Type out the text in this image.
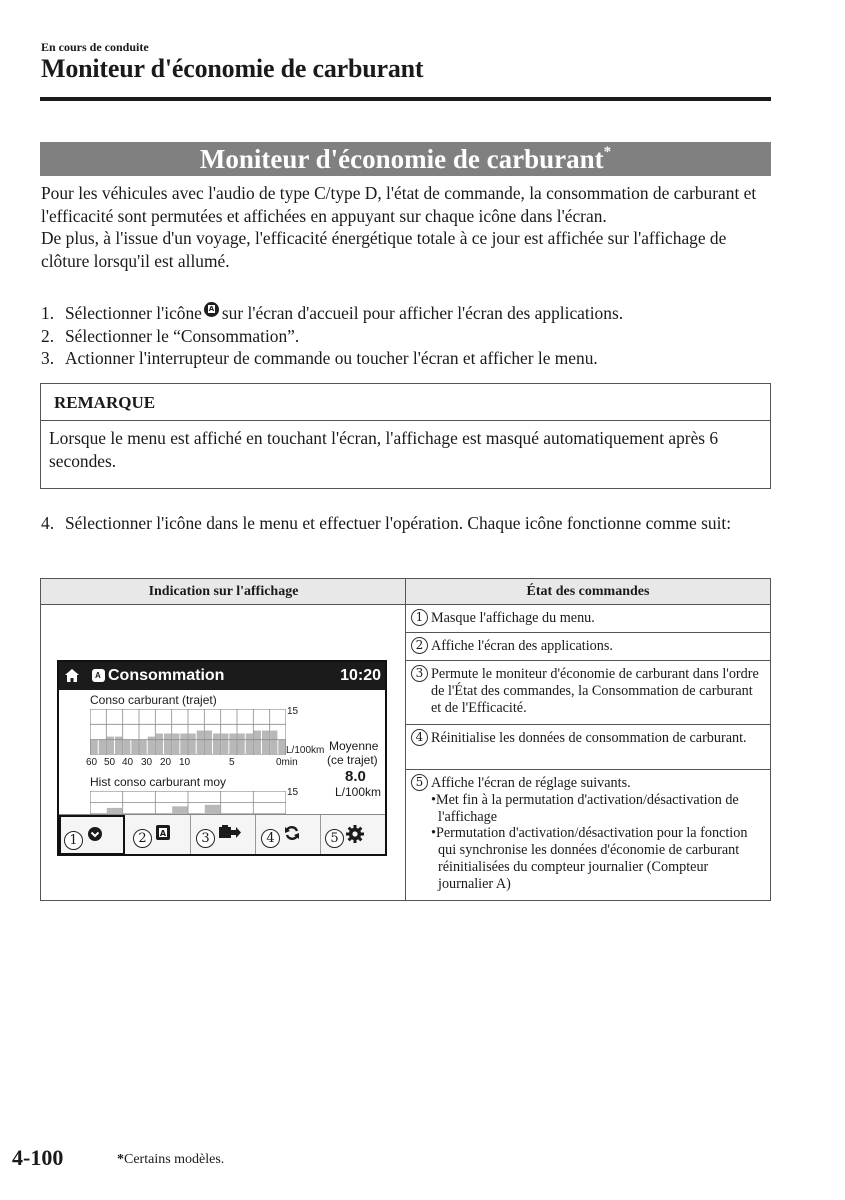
En cours de conduite
Moniteur d'économie de carburant
Moniteur d'économie de carburant*

Pour les véhicules avec l'audio de type C/type D, l'état de commande, la consommation de carburant et l'efficacité sont permutées et affichées en appuyant sur chaque icône dans l'écran.

De plus, à l'issue d'un voyage, l'efficacité énergétique totale à ce jour est affichée sur l'affichage de clôture lorsqu'il est allumé.

1. Sélectionner l'icôneA sur l'écran d'accueil pour afficher l'écran des applications.
2. Sélectionner le “Consommation”.
3. Actionner l'interrupteur de commande ou toucher l'écran et afficher le menu.
REMARQUE
Lorsque le menu est affiché en touchant l'écran, l'affichage est masqué automatiquement après 6 secondes.
4. Sélectionner l'icône dans le menu et effectuer l'opération. Chaque icône fonctionne comme suit:
Indication sur l'affichage	État des commandes
1 Masque l'affichage du menu.
2 Affiche l'écran des applications.
3 Permute le moniteur d'économie de carburant dans l'ordre de l'État des commandes, la Consommation de carburant et de l'Efficacité.
4 Réinitialise les données de consommation de carburant.
5 Affiche l'écran de réglage suivants.
•Met fin à la permutation d'activation/désactivation de l'affichage
•Permutation d'activation/désactivation pour la fonction qui synchronise les données d'économie de carburant réinitialisées du compteur journalier (Compteur journalier A)
A
Consommation	10:20
Conso carburant (trajet)
15
L/100km
60 50 40 30 20 10	5	0min
Moyenne
(ce trajet)
8.0
L/100km
Hist conso carburant moy
15
1	2	A	3	4	5
4-100	*Certains modèles.
